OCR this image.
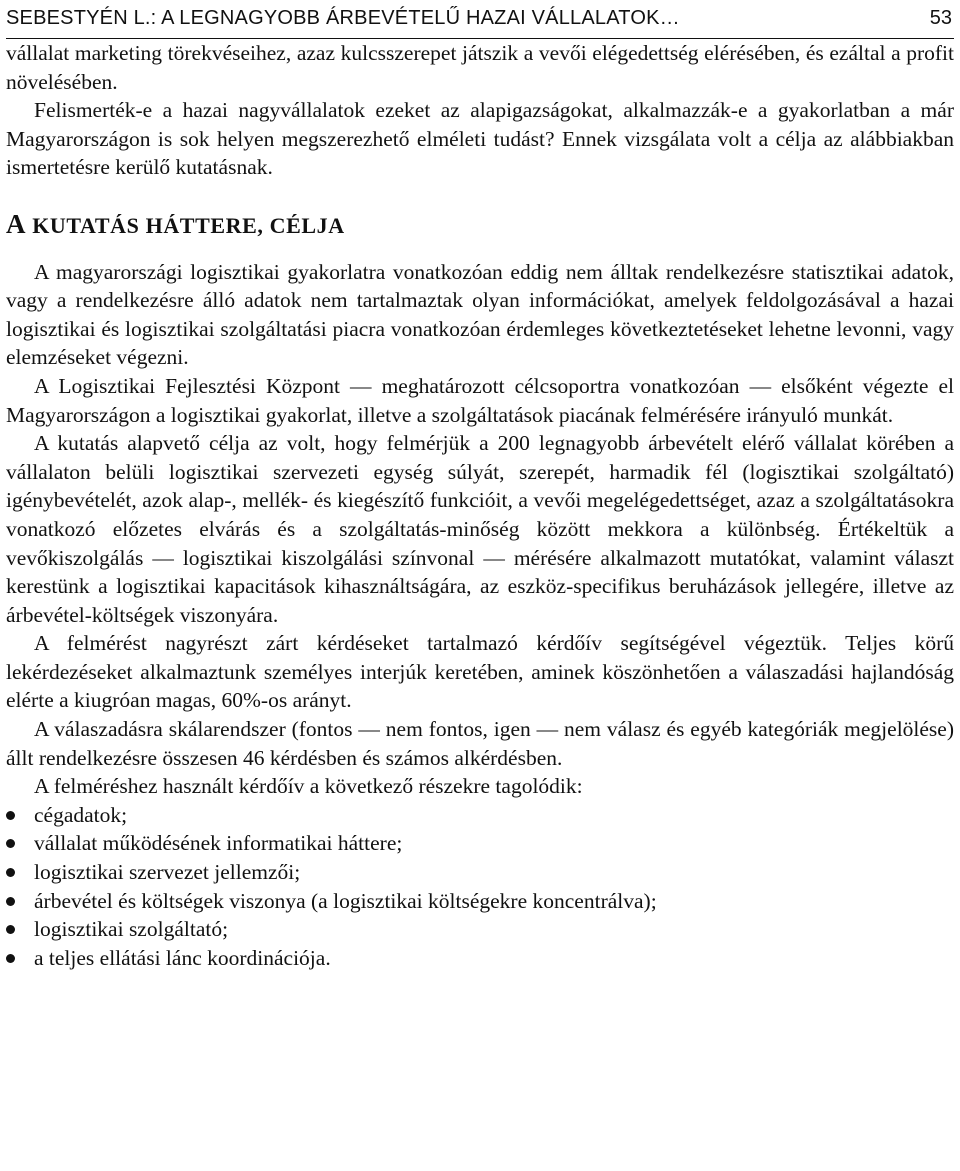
SEBESTYÉN L.: A LEGNAGYOBB ÁRBEVÉTELŰ HAZAI VÁLLALATOK…	53

vállalat marketing törekvéseihez, azaz kulcsszerepet játszik a vevői elégedettség elérésében, és ezáltal a profit növelésében.

Felismerték-e a hazai nagyvállalatok ezeket az alapigazságokat, alkalmazzák-e a gyakorlatban a már Magyarországon is sok helyen megszerezhető elméleti tudást? Ennek vizsgálata volt a célja az alábbiakban ismertetésre kerülő kutatásnak.

A KUTATÁS HÁTTERE, CÉLJA

A magyarországi logisztikai gyakorlatra vonatkozóan eddig nem álltak rendelkezésre statisztikai adatok, vagy a rendelkezésre álló adatok nem tartalmaztak olyan információkat, amelyek feldolgozásával a hazai logisztikai és logisztikai szolgáltatási piacra vonatkozóan érdemleges következtetéseket lehetne levonni, vagy elemzéseket végezni.

A Logisztikai Fejlesztési Központ — meghatározott célcsoportra vonatkozóan — elsőként végezte el Magyarországon a logisztikai gyakorlat, illetve a szolgáltatások piacának felmérésére irányuló munkát.

A kutatás alapvető célja az volt, hogy felmérjük a 200 legnagyobb árbevételt elérő vállalat körében a vállalaton belüli logisztikai szervezeti egység súlyát, szerepét, harmadik fél (logisztikai szolgáltató) igénybevételét, azok alap-, mellék- és kiegészítő funkcióit, a vevői megelégedettséget, azaz a szolgáltatásokra vonatkozó előzetes elvárás és a szolgáltatás-minőség között mekkora a különbség. Értékeltük a vevőkiszolgálás — logisztikai kiszolgálási színvonal — mérésére alkalmazott mutatókat, valamint választ kerestünk a logisztikai kapacitások kihasználtságára, az eszköz-specifikus beruházások jellegére, illetve az árbevétel-költségek viszonyára.

A felmérést nagyrészt zárt kérdéseket tartalmazó kérdőív segítségével végeztük. Teljes körű lekérdezéseket alkalmaztunk személyes interjúk keretében, aminek köszönhetően a válaszadási hajlandóság elérte a kiugróan magas, 60%-os arányt.

A válaszadásra skálarendszer (fontos — nem fontos, igen — nem válasz és egyéb kategóriák megjelölése) állt rendelkezésre összesen 46 kérdésben és számos alkérdésben.

A felméréshez használt kérdőív a következő részekre tagolódik:

cégadatok;
vállalat működésének informatikai háttere;
logisztikai szervezet jellemzői;
árbevétel és költségek viszonya (a logisztikai költségekre koncentrálva);
logisztikai szolgáltató;
a teljes ellátási lánc koordinációja.
